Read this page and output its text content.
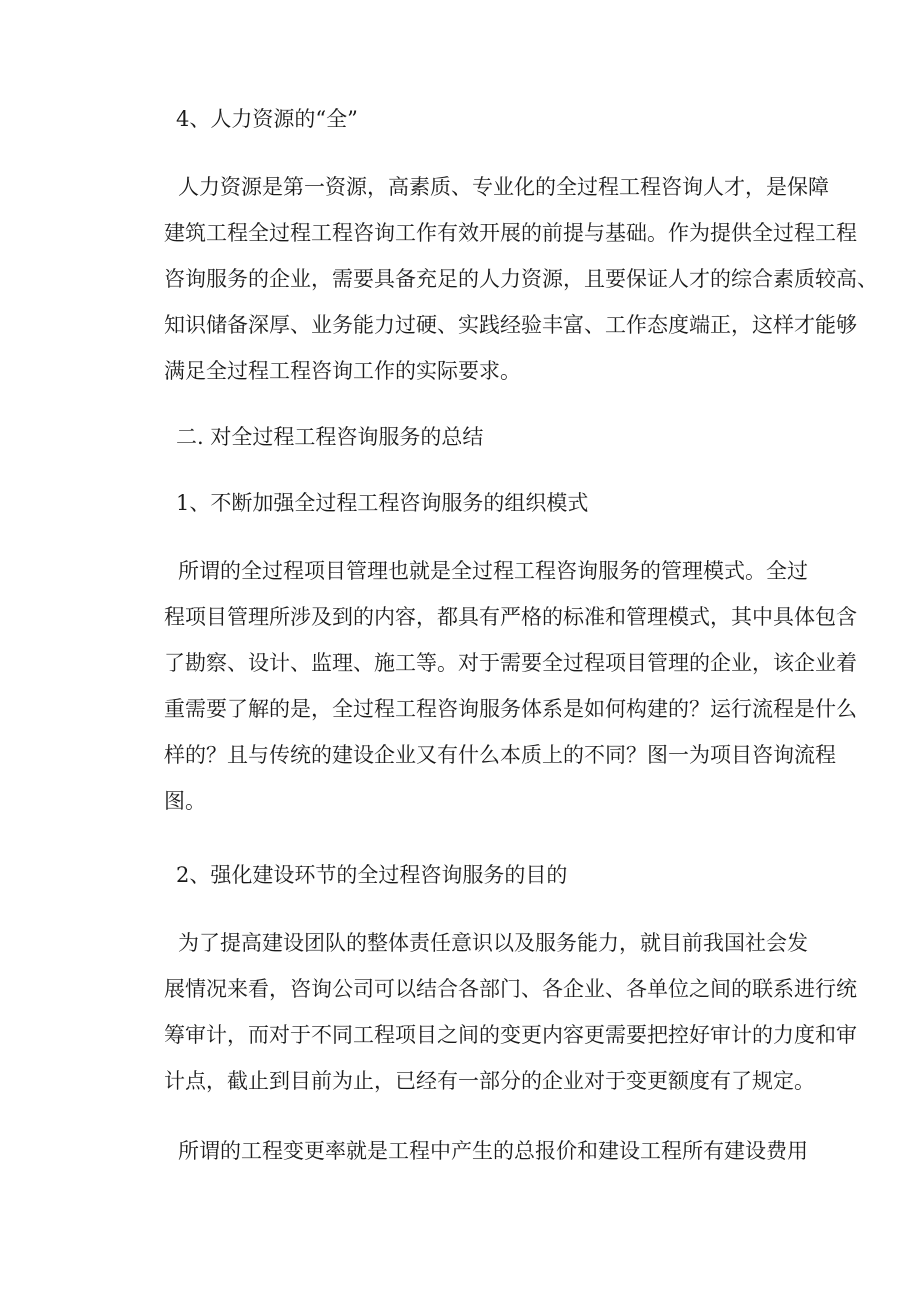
4、人力资源的“全”

人力资源是第一资源，高素质、专业化的全过程工程咨询人才，是保障

建筑工程全过程工程咨询工作有效开展的前提与基础。作为提供全过程工程

咨询服务的企业，需要具备充足的人力资源，且要保证人才的综合素质较高、

知识储备深厚、业务能力过硬、实践经验丰富、工作态度端正，这样才能够

满足全过程工程咨询工作的实际要求。

二. 对全过程工程咨询服务的总结
1、不断加强全过程工程咨询服务的组织模式

所谓的全过程项目管理也就是全过程工程咨询服务的管理模式。全过

程项目管理所涉及到的内容，都具有严格的标准和管理模式，其中具体包含

了勘察、设计、监理、施工等。对于需要全过程项目管理的企业，该企业着

重需要了解的是，全过程工程咨询服务体系是如何构建的？运行流程是什么

样的？且与传统的建设企业又有什么本质上的不同？图一为项目咨询流程

图。

2、强化建设环节的全过程咨询服务的目的

为了提高建设团队的整体责任意识以及服务能力，就目前我国社会发

展情况来看，咨询公司可以结合各部门、各企业、各单位之间的联系进行统

筹审计，而对于不同工程项目之间的变更内容更需要把控好审计的力度和审

计点，截止到目前为止，已经有一部分的企业对于变更额度有了规定。

所谓的工程变更率就是工程中产生的总报价和建设工程所有建设费用
